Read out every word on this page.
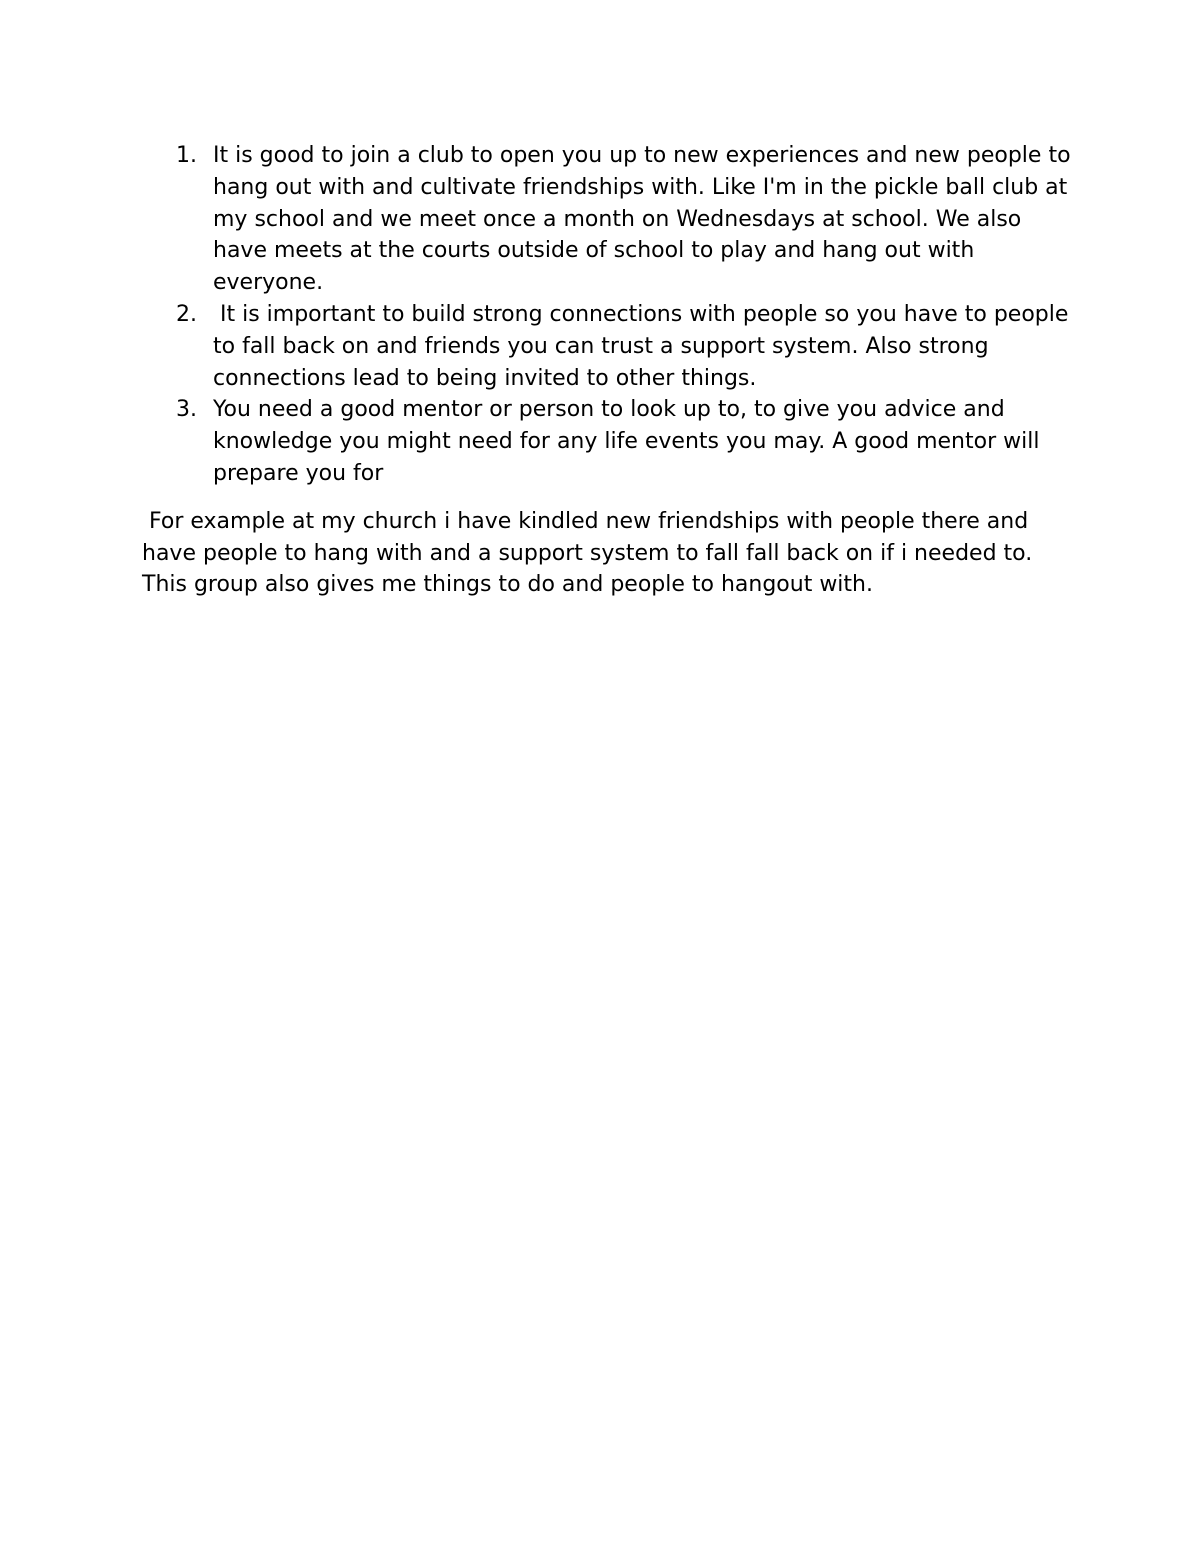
1. It is good to join a club to open you up to new experiences and new people to hang out with and cultivate friendships with. Like I'm in the pickle ball club at my school and we meet once a month on Wednesdays at school. We also have meets at the courts outside of school to play and hang out with everyone.
2. It is important to build strong connections with people so you have to people to fall back on and friends you can trust a support system. Also strong connections lead to being invited to other things.
3. You need a good mentor or person to look up to, to give you advice and knowledge you might need for any life events you may. A good mentor will prepare you for

For example at my church i have kindled new friendships with people there and have people to hang with and a support system to fall fall back on if i needed to. This group also gives me things to do and people to hangout with.
